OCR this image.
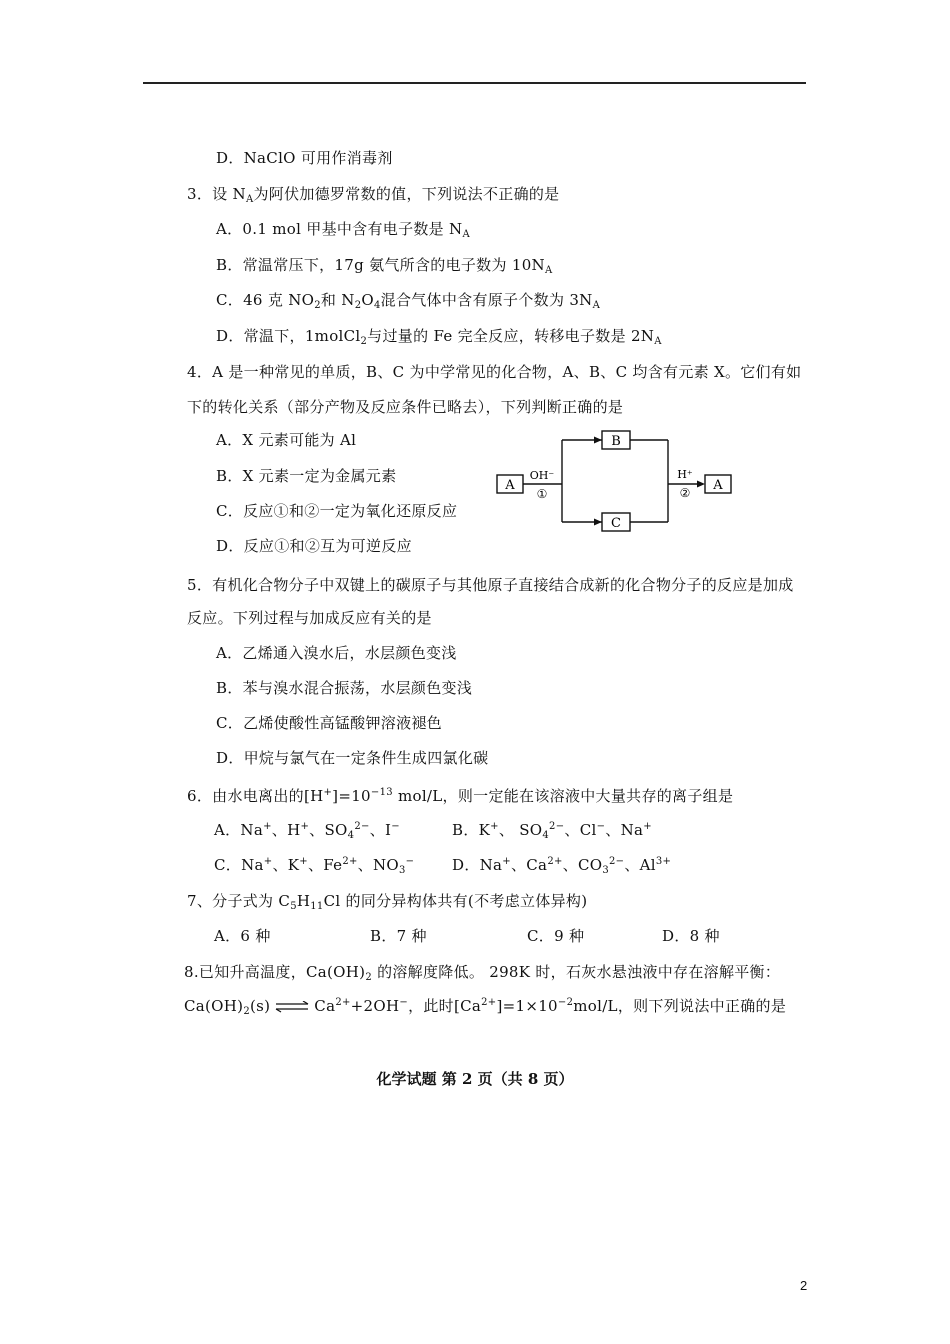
D．NaClO 可用作消毒剂
3．设 $N_A$为阿伏加德罗常数的值，下列说法不正确的是
A．0.1 mol 甲基中含有电子数是 $N_A$
B．常温常压下，17g 氨气所含的电子数为 $10N_A$
C．46 克 $NO_2$和 $N_2O_4$混合气体中含有原子个数为 $3N_A$
D．常温下，1molCl$_2$与过量的 Fe 完全反应，转移电子数是 $2N_A$
4．A 是一种常见的单质，B、C 为中学常见的化合物，A、B、C 均含有元素 X。它们有如
下的转化关系（部分产物及反应条件已略去），下列判断正确的是
A．X 元素可能为 Al
B．X 元素一定为金属元素
C．反应①和②一定为氧化还原反应
D．反应①和②互为可逆反应
A
B
C
A
OH⁻
①
H⁺
②
5．有机化合物分子中双键上的碳原子与其他原子直接结合成新的化合物分子的反应是加成
反应。下列过程与加成反应有关的是
A．乙烯通入溴水后，水层颜色变浅
B．苯与溴水混合振荡，水层颜色变浅
C．乙烯使酸性高锰酸钾溶液褪色
D．甲烷与氯气在一定条件生成四氯化碳
6．由水电离出的$[H^+]=10^{-13}$ mol/L，则一定能在该溶液中大量共存的离子组是
A．Na+、H+、$SO_4^{2-}$、I−	B．K+、 $SO_4^{2-}$、Cl−、Na+
C．Na+、K+、$Fe^{2+}$、$NO_3^-$	D．Na+、$Ca^{2+}$、$CO_3^{2-}$、$Al^{3+}$
7、分子式为 $C_5H_{11}Cl$ 的同分异构体共有(不考虑立体异构)
A．6 种	B．7 种	C．9 种	D．8 种
8.已知升高温度，$Ca(OH)_2$ 的溶解度降低。 298K 时，石灰水悬浊液中存在溶解平衡：
$Ca(OH)_2(s)\rightleftharpoons Ca^{2+}+2OH^-$，此时$[Ca^{2+}]=1\times 10^{-2}mol/L$，则下列说法中正确的是
化学试题 第 2 页（共 8 页）
2
